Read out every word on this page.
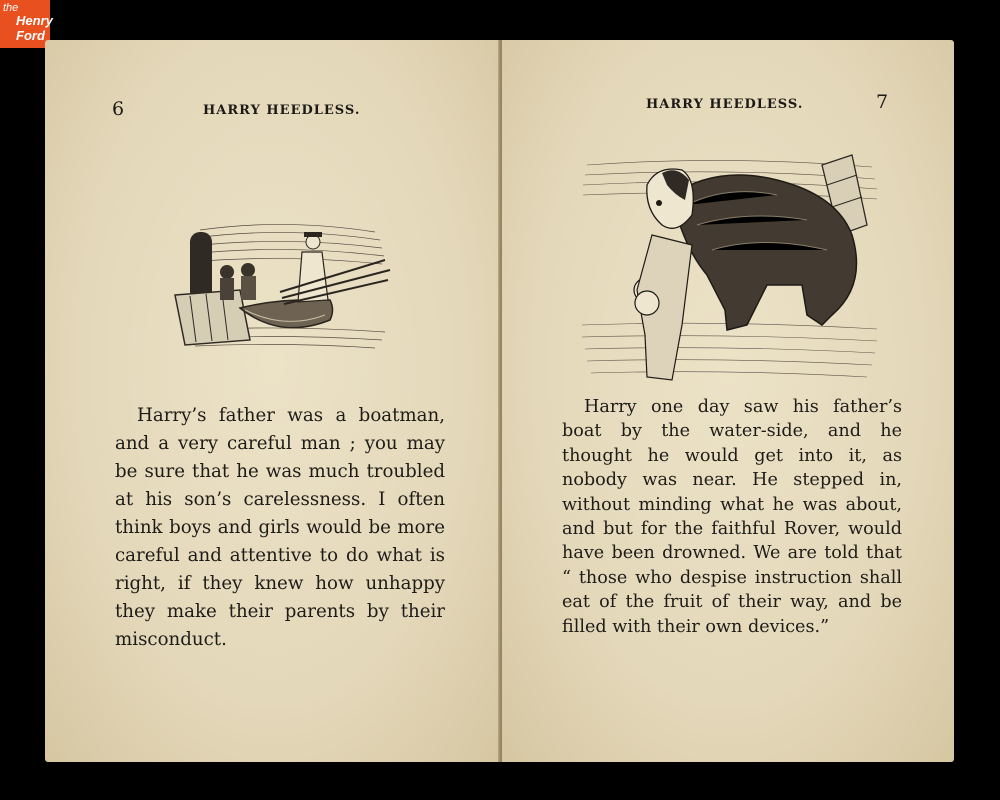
the
Henry
Ford
6	HARRY HEEDLESS.

Harry’s father was a boatman, and a very careful man ; you may be sure that he was much troubled at his son’s carelessness. I often think boys and girls would be more careful and attentive to do what is right, if they knew how unhappy they make their parents by their misconduct.

HARRY HEEDLESS.	7

Harry one day saw his father’s boat by the water-side, and he thought he would get into it, as nobody was near. He stepped in, without minding what he was about, and but for the faithful Rover, would have been drowned. We are told that “ those who despise instruction shall eat of the fruit of their way, and be filled with their own devices.”
